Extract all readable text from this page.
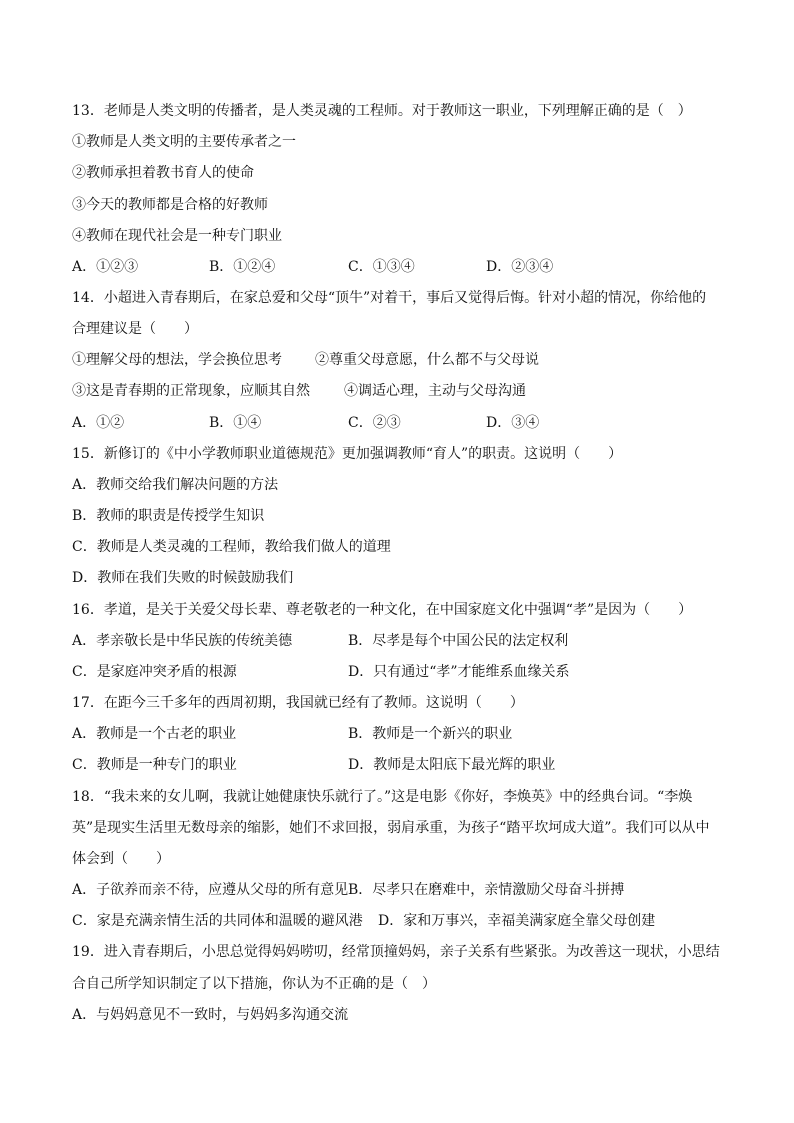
13．老师是人类文明的传播者，是人类灵魂的工程师。对于教师这一职业，下列理解正确的是（　）
①教师是人类文明的主要传承者之一
②教师承担着教书育人的使命
③今天的教师都是合格的好教师
④教师在现代社会是一种专门职业
A．①②③	B．①②④	C．①③④	D．②③④
14．小超进入青春期后，在家总爱和父母“顶牛”对着干，事后又觉得后悔。针对小超的情况，你给他的
合理建议是（　　）
①理解父母的想法，学会换位思考 ②尊重父母意愿，什么都不与父母说
③这是青春期的正常现象，应顺其自然 ④调适心理，主动与父母沟通
A．①②	B．①④	C．②③	D．③④
15．新修订的《中小学教师职业道德规范》更加强调教师“育人”的职责。这说明（　　）
A．教师交给我们解决问题的方法
B．教师的职责是传授学生知识
C．教师是人类灵魂的工程师，教给我们做人的道理
D．教师在我们失败的时候鼓励我们
16．孝道，是关于关爱父母长辈、尊老敬老的一种文化，在中国家庭文化中强调“孝”是因为（　　）
A．孝亲敬长是中华民族的传统美德	B．尽孝是每个中国公民的法定权利
C．是家庭冲突矛盾的根源	D．只有通过“孝”才能维系血缘关系
17．在距今三千多年的西周初期，我国就已经有了教师。这说明（　　）
A．教师是一个古老的职业	B．教师是一个新兴的职业
C．教师是一种专门的职业	D．教师是太阳底下最光辉的职业
18．“我未来的女儿啊，我就让她健康快乐就行了。”这是电影《你好，李焕英》中的经典台词。“李焕
英”是现实生活里无数母亲的缩影，她们不求回报，弱肩承重，为孩子“踏平坎坷成大道”。我们可以从中
体会到（　　）
A．子欲养而亲不待，应遵从父母的所有意见 B．尽孝只在磨难中，亲情激励父母奋斗拼搏
C．家是充满亲情生活的共同体和温暖的避风港 D．家和万事兴，幸福美满家庭全靠父母创建
19．进入青春期后，小思总觉得妈妈唠叨，经常顶撞妈妈，亲子关系有些紧张。为改善这一现状，小思结
合自己所学知识制定了以下措施，你认为不正确的是（　）
A．与妈妈意见不一致时，与妈妈多沟通交流
